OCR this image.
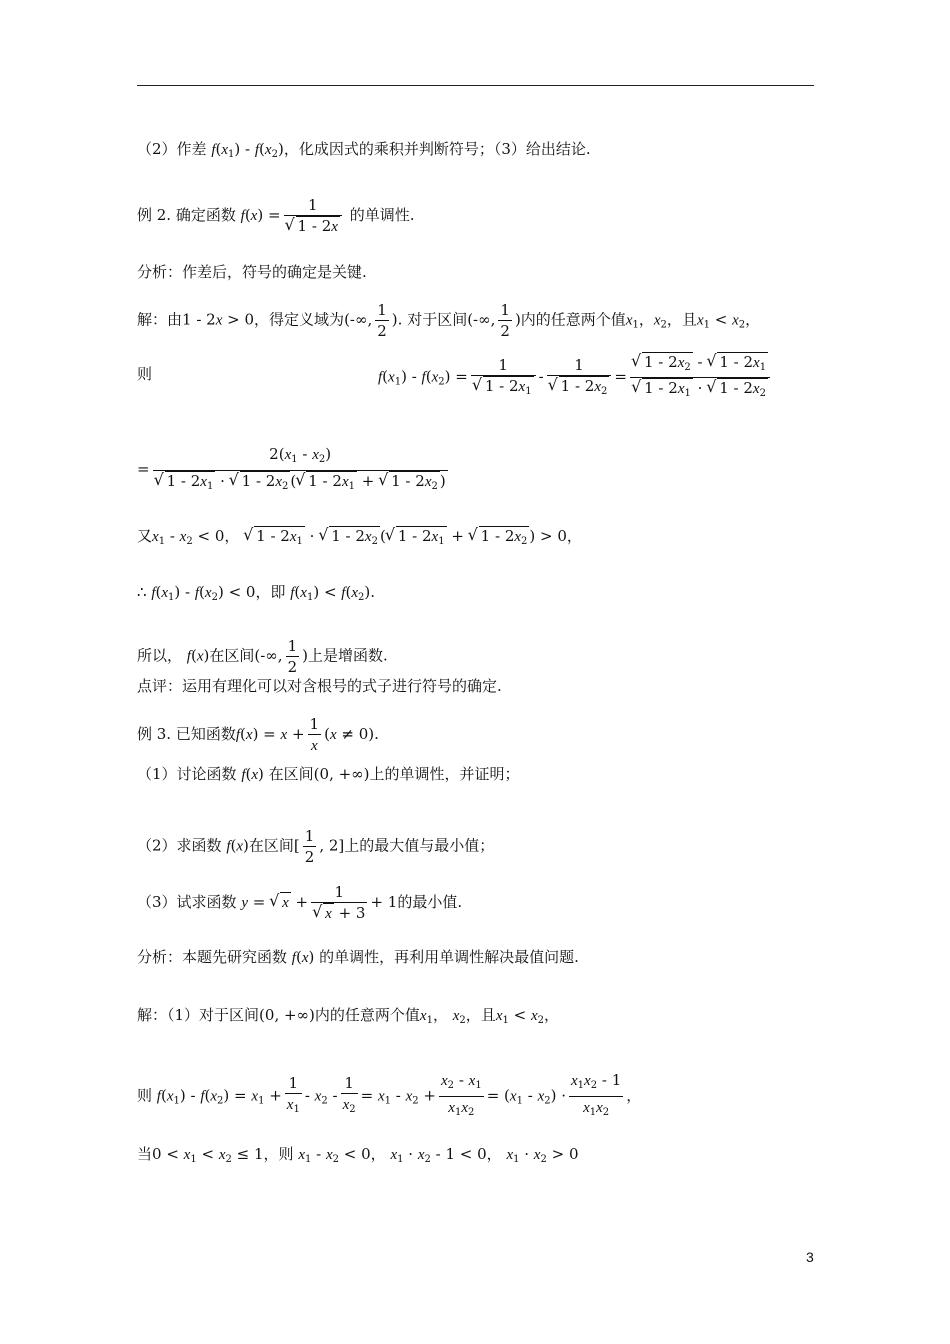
（2）作差 $f(x_1) - f(x_2)$，化成因式的乘积并判断符号；（3）给出结论.
例 2. 确定函数 f(x) = 1
√ 1 - 2x 的单调性.
分析：作差后，符号的确定是关键.
解：由1 - 2x > 0，得定义域为(-∞, $\frac{1}{2}$ ). 对于区间(-∞, $\frac{1}{2}$ )内的任意两个值$x_1$，$x_2$，且$x_1 < x_2$，
则	$f(x_1) - f(x_2) = 1$
√ $1 - 2x_1 - 1$
√ $1 - 2x_2$ = √ $1 - 2x_2$ - √ $1 - 2x_1$
√ $1 - 2x_1$ · √ $1 - 2x_2$
= $2(x_1 - x_2)$
√ $1 - 2x_1$ · √ $1 - 2x_2$ ( √ $1 - 2x_1$ + √ $1 - 2x_2$ )
又$x_1 - x_2 < 0$， √ $1 - 2x_1$ · √ $1 - 2x_2$ ( √ $1 - 2x_1$ + √ $1 - 2x_2$ ) > 0，
∴ $f(x_1) - f(x_2) < 0$，即 $f(x_1) < f(x_2)$.
所以， f(x)在区间(-∞, $\frac{1}{2}$ )上是增函数.
点评：运用有理化可以对含根号的式子进行符号的确定.
例 3. 已知函数$f(x) = x + \frac{1}{x} (x \ne 0)$.
（1）讨论函数 f(x) 在区间(0, +∞)上的单调性，并证明；
（2）求函数 f(x)在区间[ $\frac{1}{2}$ , 2]上的最大值与最小值；
（3）试求函数 y = √ x + 1
√ x + 3 + 1的最小值.
分析：本题先研究函数 f(x) 的单调性，再利用单调性解决最值问题.
解：（1）对于区间(0, +∞)内的任意两个值$x_1$， $x_2$，且$x_1 < x_2$，
则 $f(x_1) - f(x_2) = x_1 + \frac{1}{x_1} - x_2 - \frac{1}{x_2} = x_1 - x_2 + \frac{x_2 - x_1}{x_1x_2} = (x_1 - x_2) \cdot \frac{x_1x_2 - 1}{x_1x_2}$ ，
当$0 < x_1 < x_2 \le 1$，则 $x_1 - x_2 < 0$， $x_1 \cdot x_2 - 1 < 0$， $x_1 \cdot x_2 > 0$
3
